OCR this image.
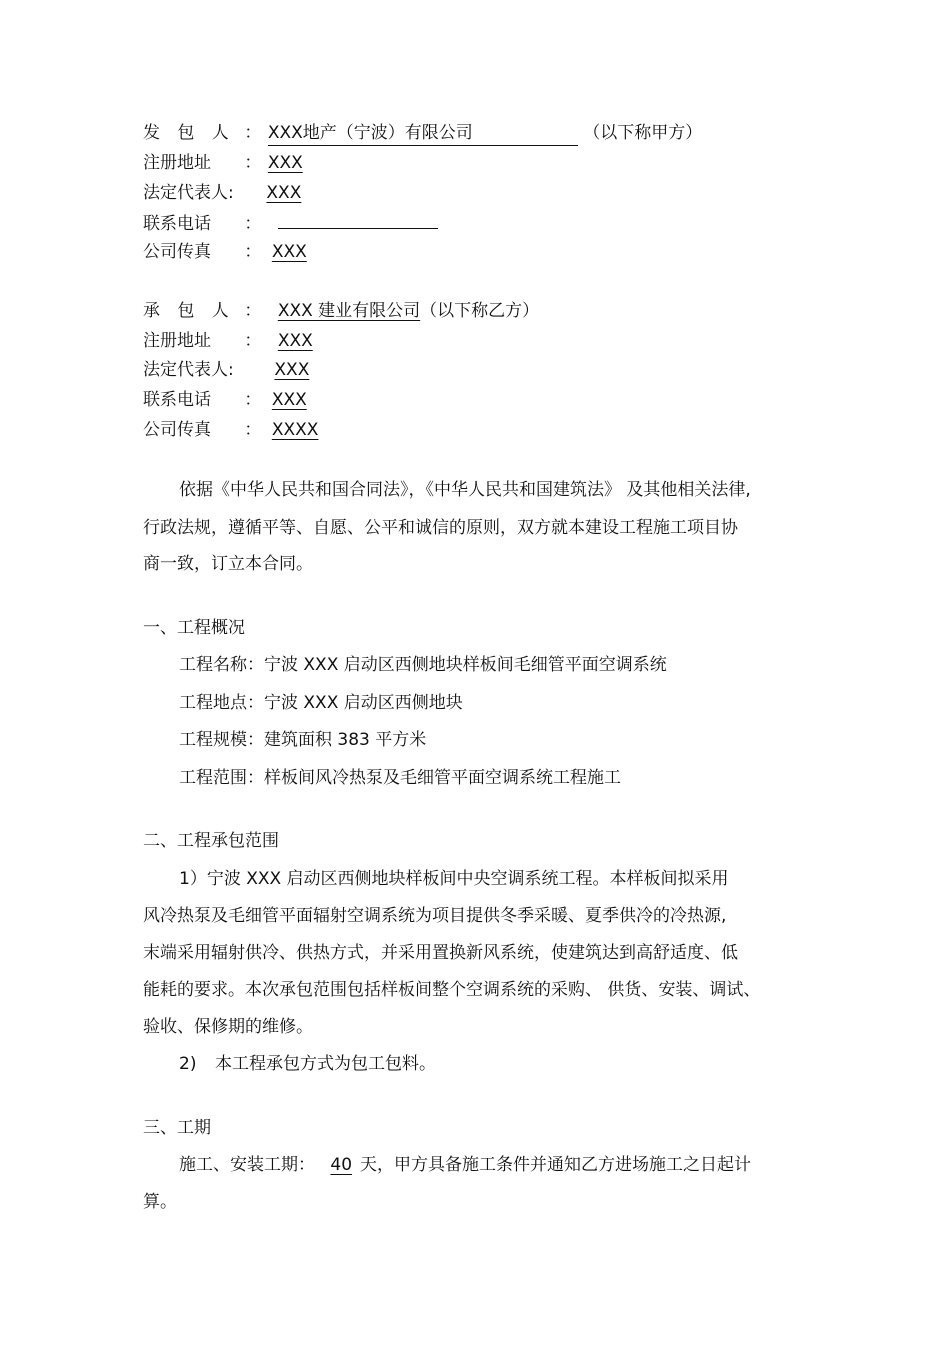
发 包 人 ： XXX地产（宁波）有限公司	（以下称甲方）
注册地址 ： XXX
法定代表人: XXX
联系电话 ：
公司传真 ： XXX
承 包 人 ： XXX 建业有限公司（以下称乙方）
注册地址 ： XXX
法定代表人: XXX
联系电话 ： XXX
公司传真 ： XXXX
依据《中华人民共和国合同法》，《中华人民共和国建筑法》 及其他相关法律,
行政法规，遵循平等、自愿、公平和诚信的原则，双方就本建设工程施工项目协
商一致，订立本合同。
一、工程概况
工程名称：宁波 XXX 启动区西侧地块样板间毛细管平面空调系统
工程地点：宁波 XXX 启动区西侧地块
工程规模：建筑面积 383 平方米
工程范围：样板间风冷热泵及毛细管平面空调系统工程施工
二、工程承包范围
1）宁波 XXX 启动区西侧地块样板间中央空调系统工程。本样板间拟采用
风冷热泵及毛细管平面辐射空调系统为项目提供冬季采暖、夏季供冷的冷热源,
末端采用辐射供冷、供热方式，并采用置换新风系统，使建筑达到高舒适度、低
能耗的要求。本次承包范围包括样板间整个空调系统的采购、 供货、安装、调试、
验收、保修期的维修。
2) 本工程承包方式为包工包料。
三、工期
施工、安装工期： 40 天，甲方具备施工条件并通知乙方进场施工之日起计
算。
